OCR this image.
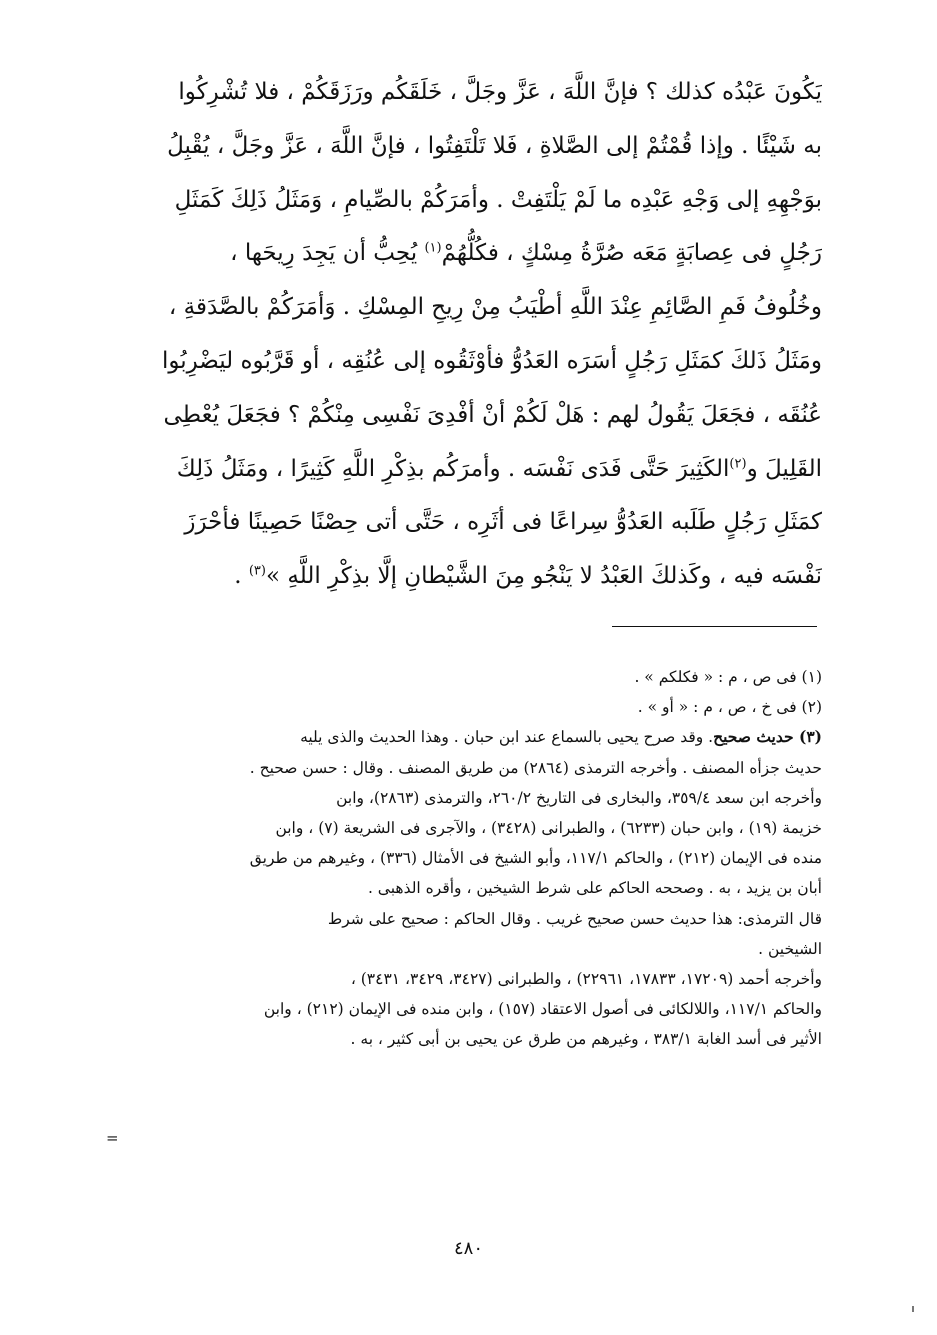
يَكُونَ عَبْدُه كذلك ؟ فإنَّ اللَّهَ ، عَزَّ وجَلَّ ، خَلَقَكُم ورَزَقَكُمْ ، فلا تُشْرِكُوا
به شَيْئًا . وإذا قُمْتُمْ إلى الصَّلاةِ ، فَلا تَلْتَفِتُوا ، فإنَّ اللَّهَ ، عَزَّ وجَلَّ ، يُقْبِلُ
بوَجْهِهِ إلى وَجْهِ عَبْدِه ما لَمْ يَلْتَفِتْ . وأمَرَكُمْ بالصِّيامِ ، وَمَثَلُ ذَلِكَ كَمَثَلِ
رَجُلٍ فى عِصابَةٍ مَعَه صُرَّةُ مِسْكٍ ، فكُلُّهُمْ$^{(١)}$ يُحِبُّ أن يَجِدَ رِيحَها ،
وخُلُوفُ فَمِ الصَّائِمِ عِنْدَ اللَّهِ أطْيَبُ مِنْ رِيحِ المِسْكِ . وَأمَرَكُمْ بالصَّدَقةِ ،
ومَثَلُ ذَلكَ كمَثَلِ رَجُلٍ أسَرَه العَدُوُّ فأوْثَقُوه إلى عُنُقِه ، أو قَرَّبُوه ليَضْرِبُوا
عُنُقَه ، فجَعَلَ يَقُولُ لهم : هَلْ لَكُمْ أنْ أفْدِىَ نَفْسِى مِنْكُمْ ؟ فجَعَلَ يُعْطِى
القَلِيلَ و$^{(٢)}$الكَثِيرَ حَتَّى فَدَى نَفْسَه . وأمرَكُم بذِكْرِ اللَّهِ كَثِيرًا ، ومَثَلُ ذَلِكَ
كمَثَلِ رَجُلٍ طَلَبه العَدُوُّ سِراعًا فى أثَرِه ، حَتَّى أتى حِصْنًا حَصِينًا فأحْرَزَ
نَفْسَه فيه ، وكَذلكَ العَبْدُ لا يَنْجُو مِنَ الشَّيْطانِ إلَّا بذِكْرِ اللَّهِ »$^{(٣)}$ .
(١) فى ص ، م : « فكلكم » .
(٢) فى خ ، ص ، م : « أو » .
(٣) حديث صحيح. وقد صرح يحيى بالسماع عند ابن حبان . وهذا الحديث والذى يليه
حديث جزأه المصنف . وأخرجه الترمذى (٢٨٦٤) من طريق المصنف . وقال : حسن صحيح .
وأخرجه ابن سعد ٣٥٩/٤، والبخارى فى التاريخ ٢٦٠/٢، والترمذى (٢٨٦٣)، وابن
خزيمة (١٩) ، وابن حبان (٦٢٣٣) ، والطبرانى (٣٤٢٨) ، والآجرى فى الشريعة (٧) ، وابن
منده فى الإيمان (٢١٢) ، والحاكم ١١٧/١، وأبو الشيخ فى الأمثال (٣٣٦) ، وغيرهم من طريق
أبان بن يزيد ، به . وصححه الحاكم على شرط الشيخين ، وأقره الذهبى .
قال الترمذى: هذا حديث حسن صحيح غريب . وقال الحاكم : صحيح على شرط
الشيخين .
وأخرجه أحمد (١٧٢٠٩، ١٧٨٣٣، ٢٢٩٦١) ، والطبرانى (٣٤٢٧، ٣٤٢٩، ٣٤٣١) ،
والحاكم ١١٧/١، واللالكائى فى أصول الاعتقاد (١٥٧) ، وابن منده فى الإيمان (٢١٢) ، وابن
الأثير فى أسد الغابة ٣٨٣/١ ، وغيرهم من طرق عن يحيى بن أبى كثير ، به .
=
٤٨٠
